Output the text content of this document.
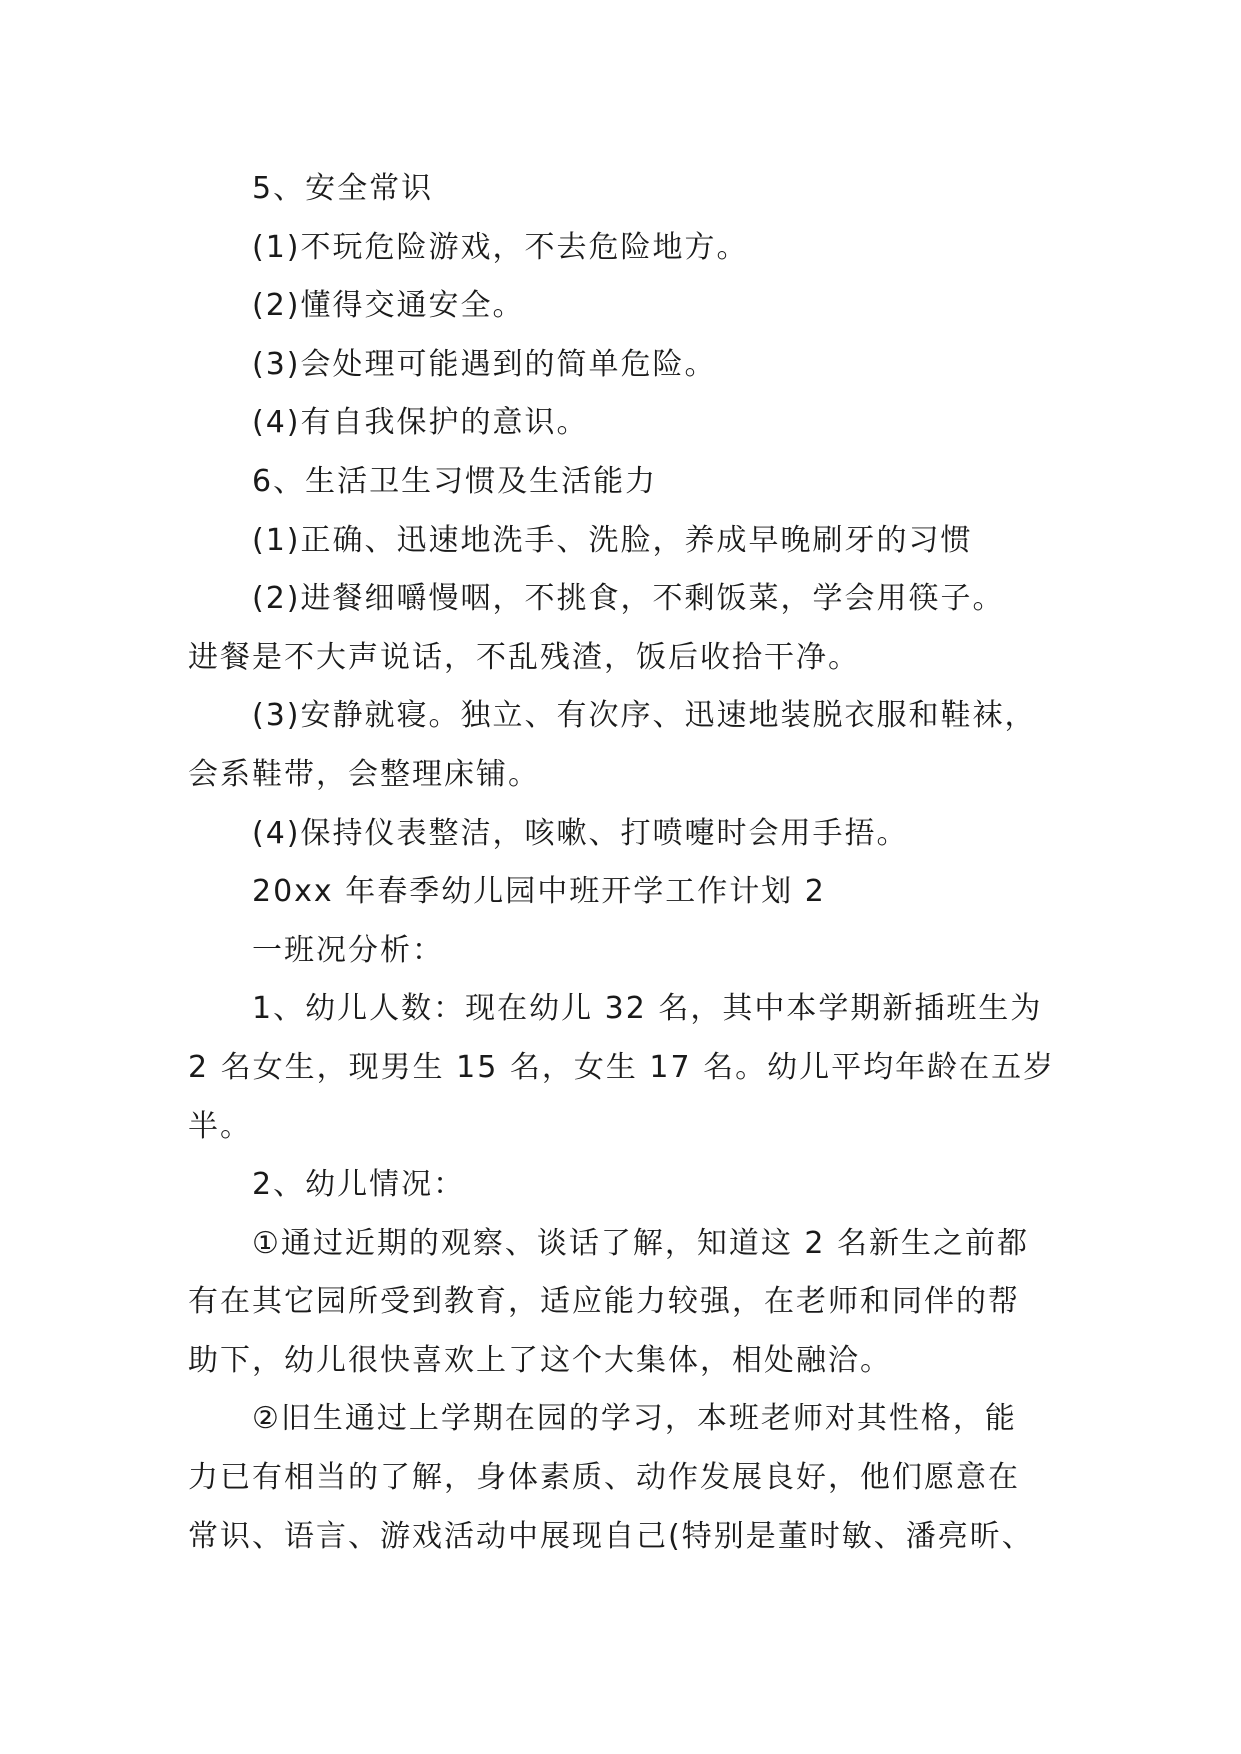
5、安全常识

(1)不玩危险游戏，不去危险地方。

(2)懂得交通安全。

(3)会处理可能遇到的简单危险。

(4)有自我保护的意识。

6、生活卫生习惯及生活能力

(1)正确、迅速地洗手、洗脸，养成早晚刷牙的习惯

(2)进餐细嚼慢咽，不挑食，不剩饭菜，学会用筷子。

进餐是不大声说话，不乱残渣，饭后收拾干净。

(3)安静就寝。独立、有次序、迅速地装脱衣服和鞋袜，

会系鞋带，会整理床铺。

(4)保持仪表整洁，咳嗽、打喷嚏时会用手捂。

20xx 年春季幼儿园中班开学工作计划 2

一班况分析：

1、幼儿人数：现在幼儿 32 名，其中本学期新插班生为

2 名女生，现男生 15 名，女生 17 名。幼儿平均年龄在五岁

半。

2、幼儿情况：

①通过近期的观察、谈话了解，知道这 2 名新生之前都

有在其它园所受到教育，适应能力较强，在老师和同伴的帮

助下，幼儿很快喜欢上了这个大集体，相处融洽。

②旧生通过上学期在园的学习，本班老师对其性格，能

力已有相当的了解，身体素质、动作发展良好，他们愿意在

常识、语言、游戏活动中展现自己(特别是董时敏、潘亮昕、
